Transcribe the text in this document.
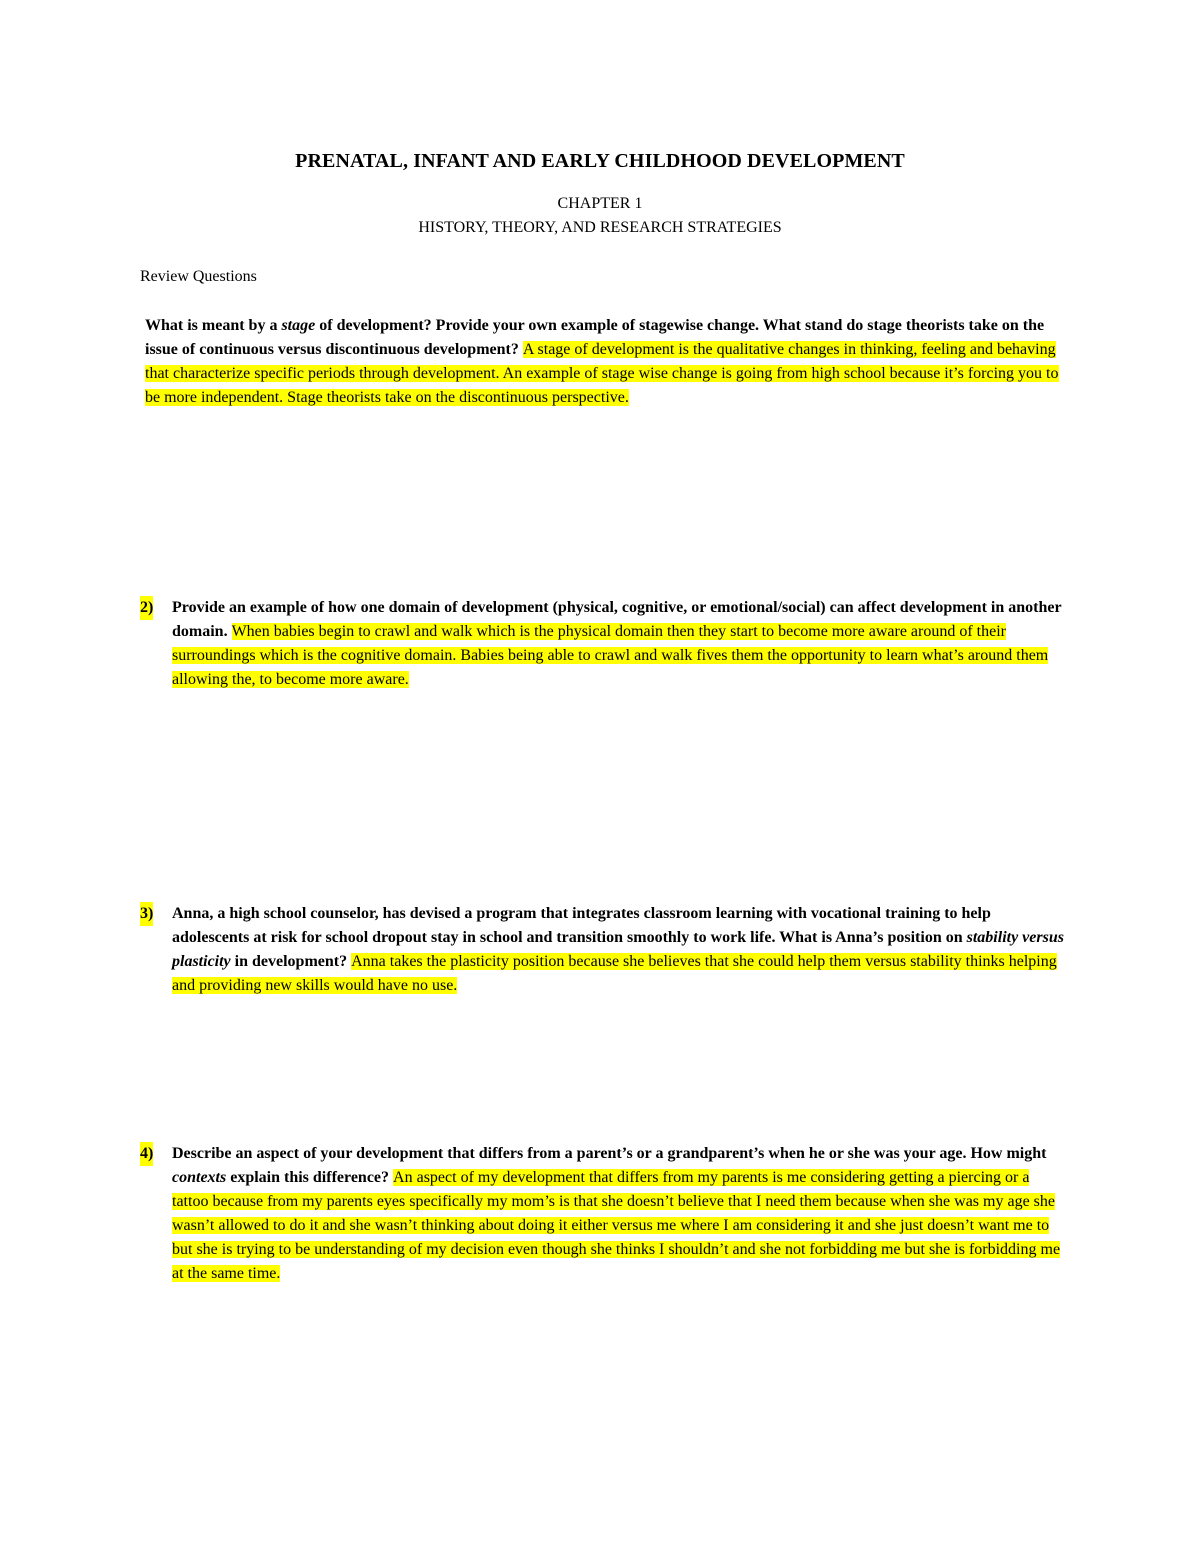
PRENATAL, INFANT AND EARLY CHILDHOOD DEVELOPMENT
CHAPTER 1
HISTORY, THEORY, AND RESEARCH STRATEGIES
Review Questions
What is meant by a stage of development? Provide your own example of stagewise change. What stand do stage theorists take on the issue of continuous versus discontinuous development? A stage of development is the qualitative changes in thinking, feeling and behaving that characterize specific periods through development. An example of stage wise change is going from high school because it’s forcing you to be more independent. Stage theorists take on the discontinuous perspective.
2) Provide an example of how one domain of development (physical, cognitive, or emotional/social) can affect development in another domain. When babies begin to crawl and walk which is the physical domain then they start to become more aware around of their surroundings which is the cognitive domain. Babies being able to crawl and walk fives them the opportunity to learn what’s around them allowing the, to become more aware.
3) Anna, a high school counselor, has devised a program that integrates classroom learning with vocational training to help adolescents at risk for school dropout stay in school and transition smoothly to work life. What is Anna’s position on stability versus plasticity in development? Anna takes the plasticity position because she believes that she could help them versus stability thinks helping and providing new skills would have no use.
4) Describe an aspect of your development that differs from a parent’s or a grandparent’s when he or she was your age. How might contexts explain this difference? An aspect of my development that differs from my parents is me considering getting a piercing or a tattoo because from my parents eyes specifically my mom’s is that she doesn’t believe that I need them because when she was my age she wasn’t allowed to do it and she wasn’t thinking about doing it either versus me where I am considering it and she just doesn’t want me to but she is trying to be understanding of my decision even though she thinks I shouldn’t and she not forbidding me but she is forbidding me at the same time.
